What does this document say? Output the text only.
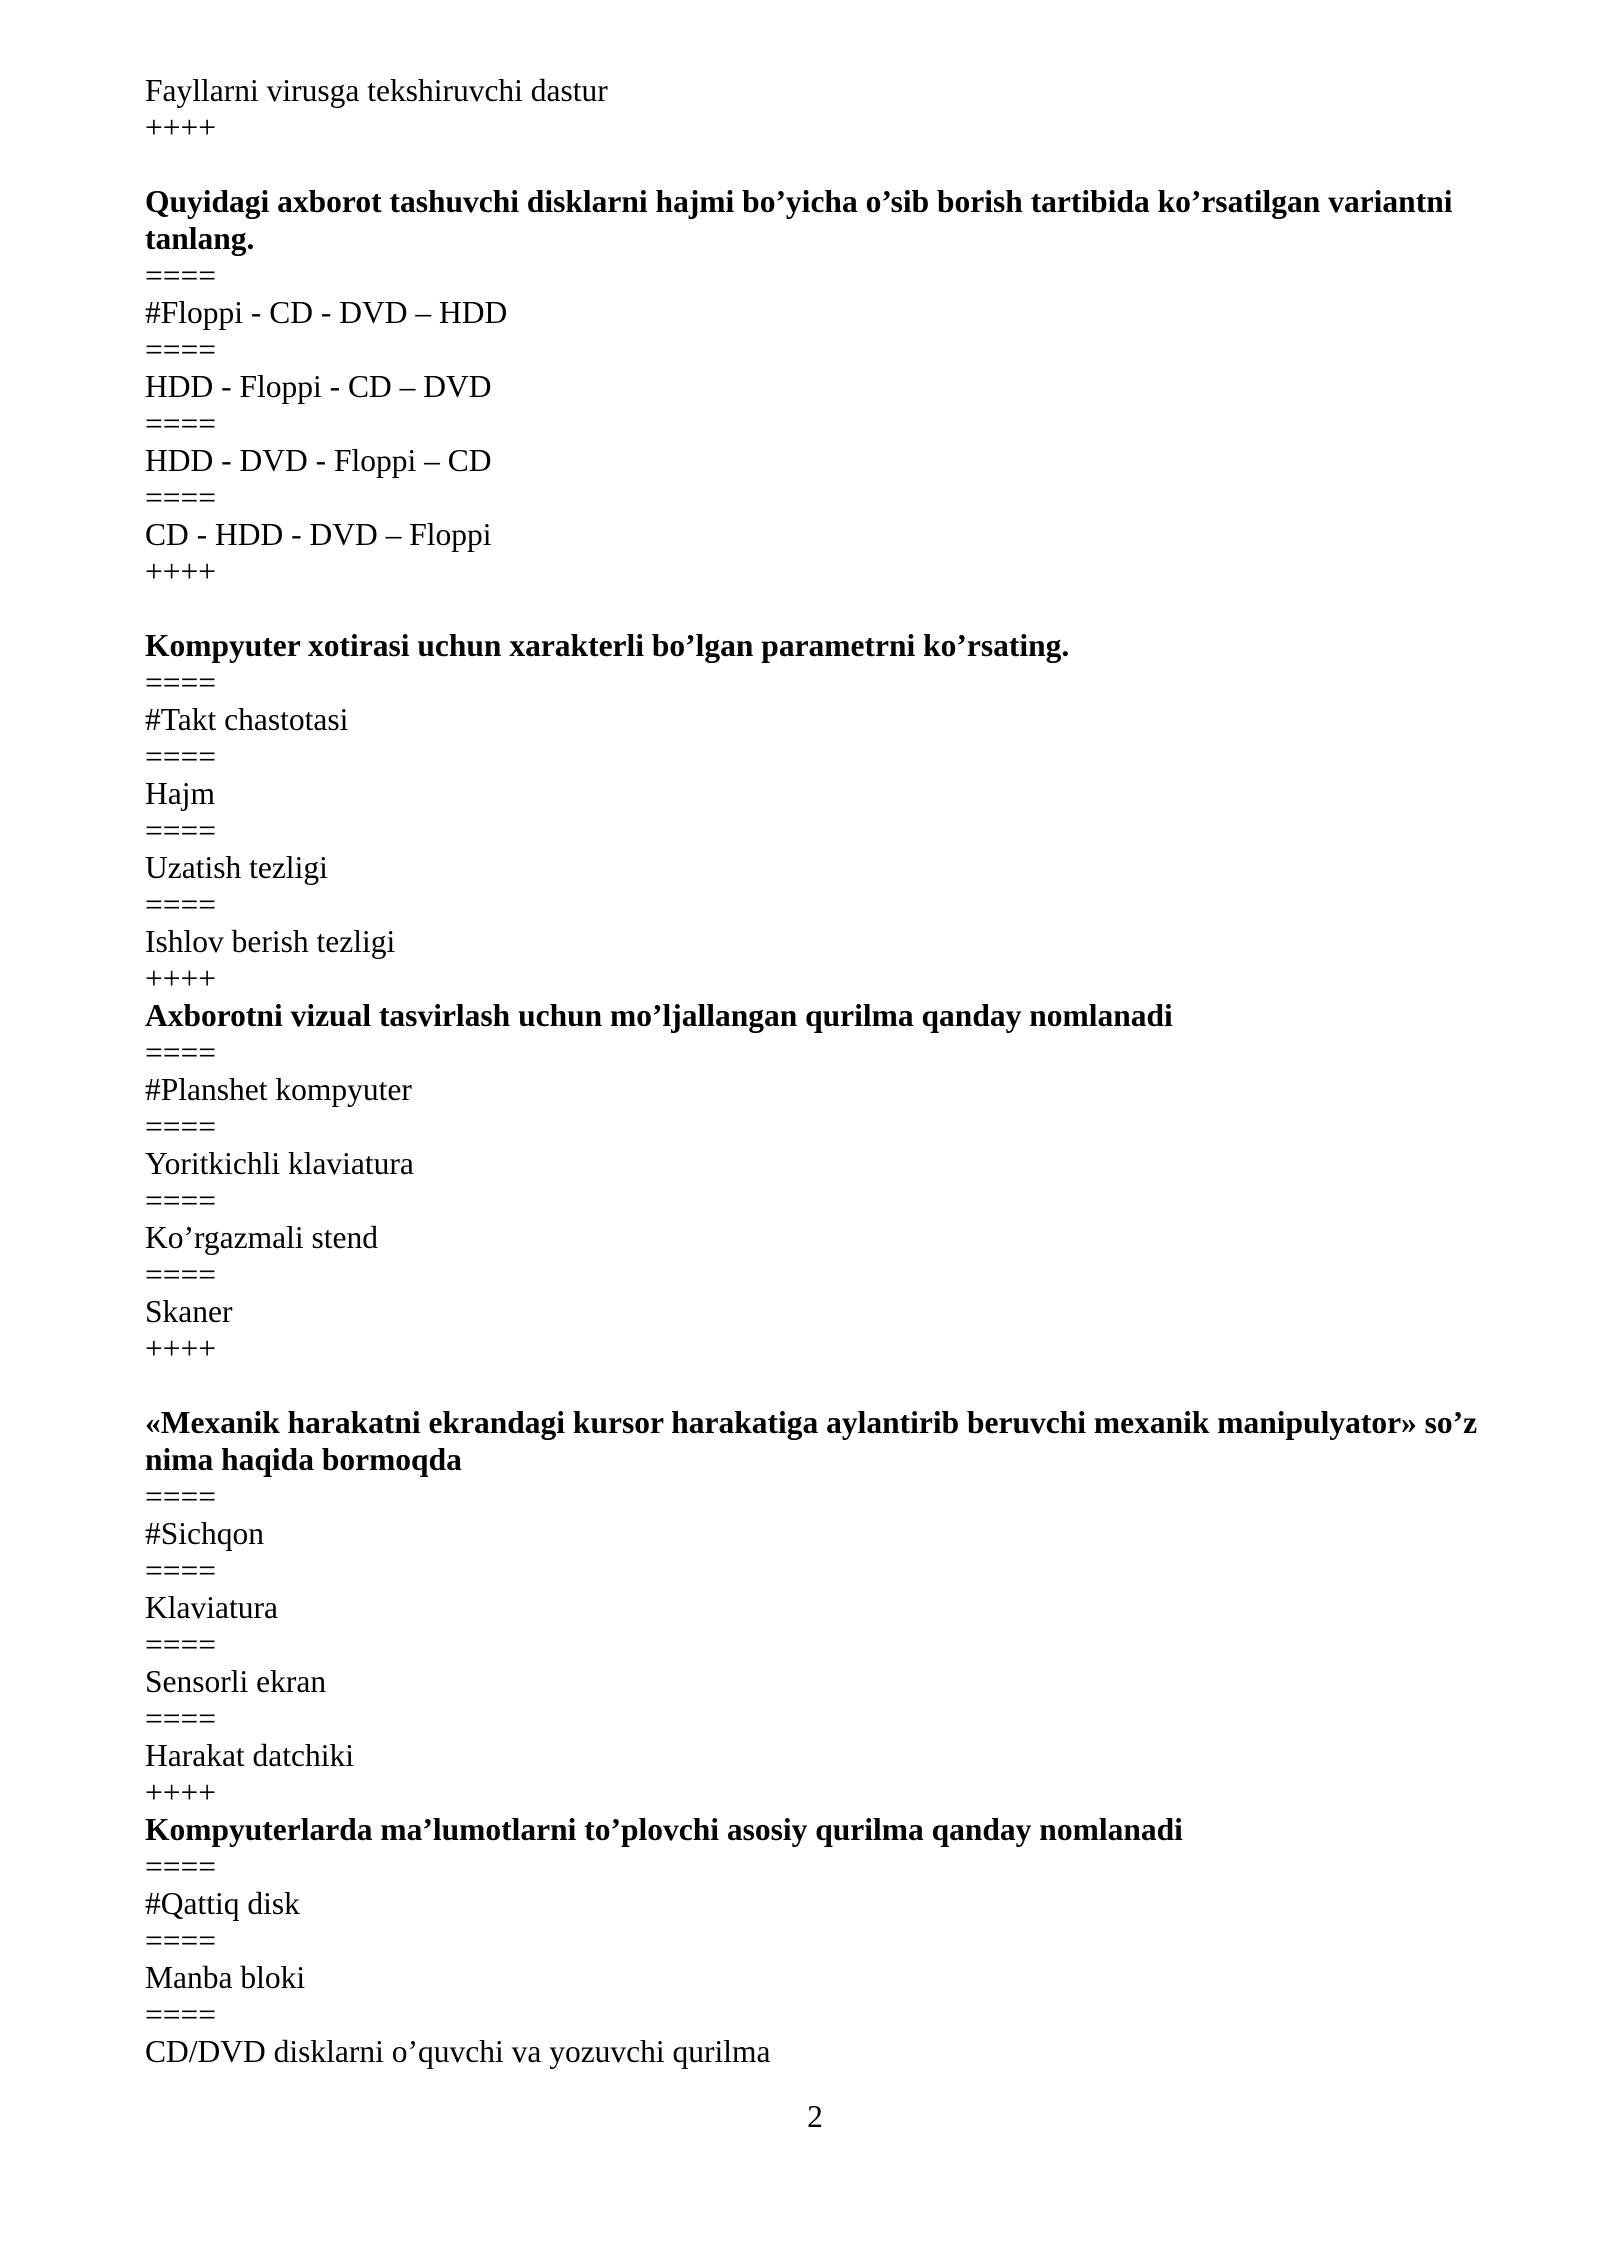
Fayllarni virusga tekshiruvchi dastur
++++
Quyidagi axborot tashuvchi disklarni hajmi bo’yicha o’sib borish tartibida ko’rsatilgan variantni tanlang.
====
#Floppi - CD - DVD – HDD
====
HDD - Floppi - CD – DVD
====
HDD - DVD - Floppi – CD
====
CD - HDD - DVD – Floppi
++++
Kompyuter xotirasi uchun xarakterli bo’lgan parametrni ko’rsating.
====
#Takt chastotasi
====
Hajm
====
Uzatish tezligi
====
Ishlov berish tezligi
++++
Axborotni vizual tasvirlash uchun mo’ljallangan qurilma qanday nomlanadi
====
#Planshet kompyuter
====
Yoritkichli klaviatura
====
Ko’rgazmali stend
====
Skaner
++++
«Mexanik harakatni ekrandagi kursor harakatiga aylantirib beruvchi mexanik manipulyator» so’z nima haqida bormoqda
====
#Sichqon
====
Klaviatura
====
Sensorli ekran
====
Harakat datchiki
++++
Kompyuterlarda ma’lumotlarni to’plovchi asosiy qurilma qanday nomlanadi
====
#Qattiq disk
====
Manba bloki
====
CD/DVD disklarni o’quvchi va yozuvchi qurilma
2
